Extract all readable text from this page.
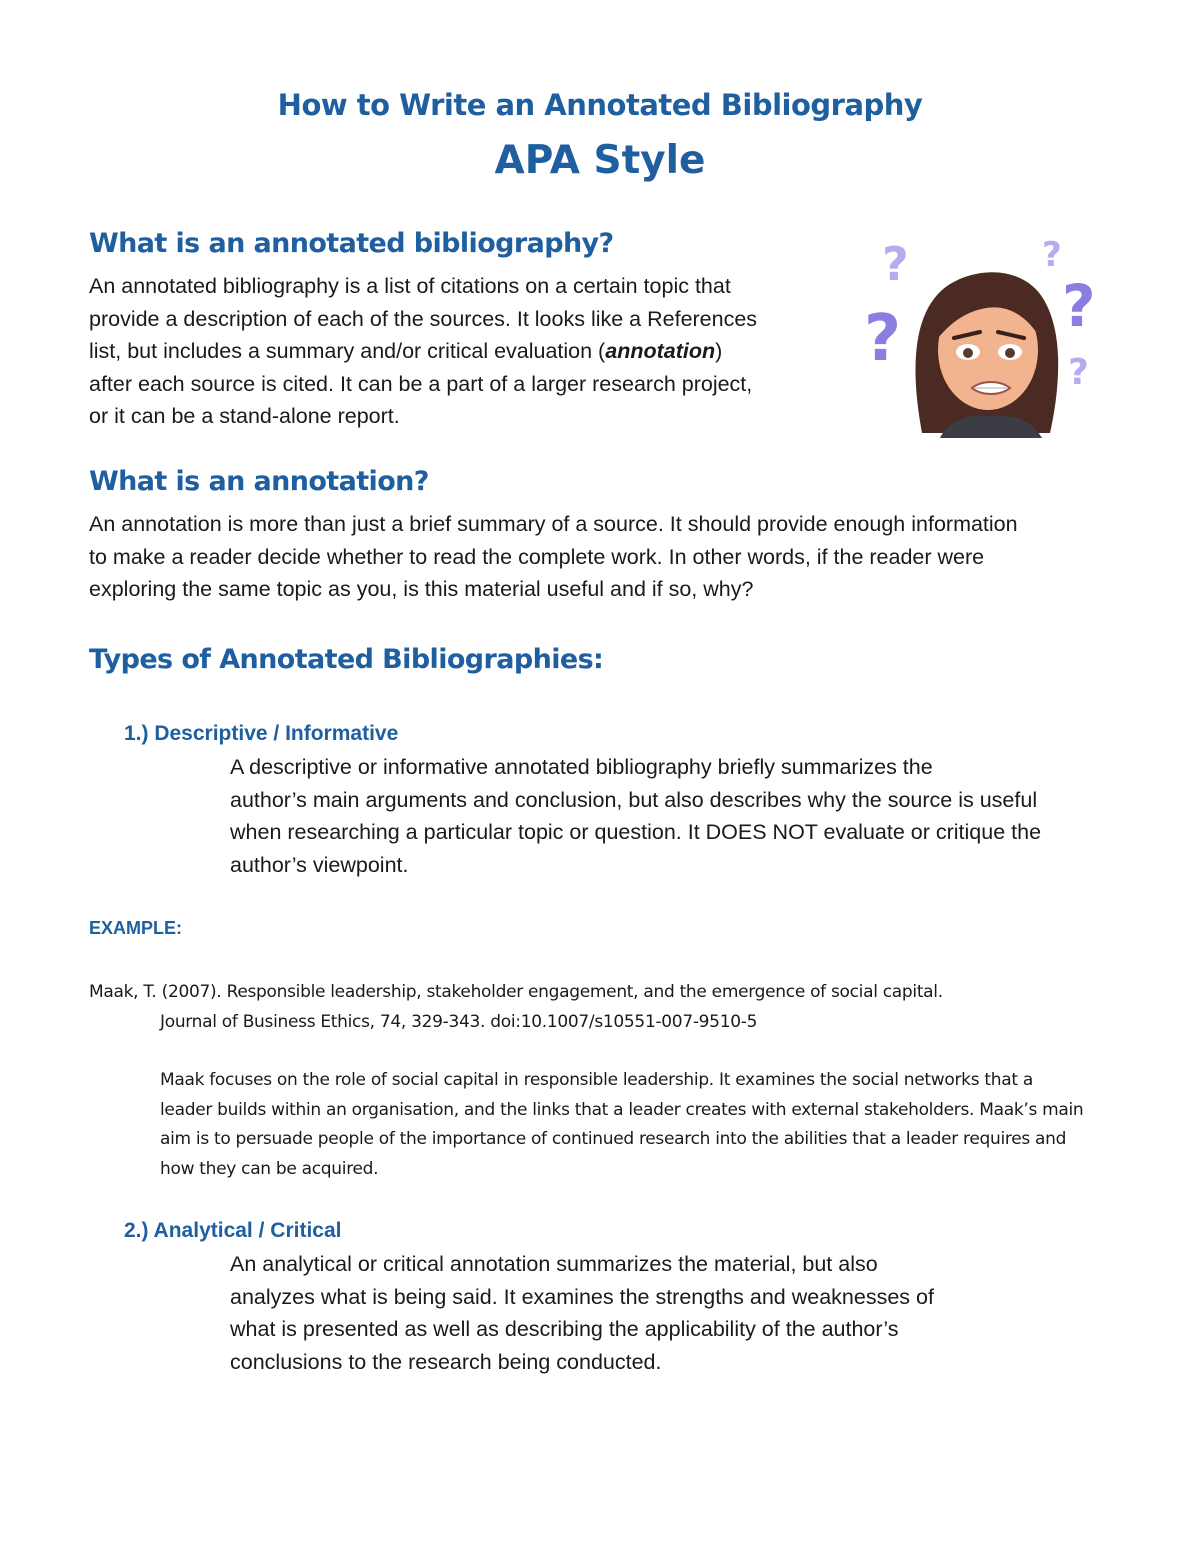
How to Write an Annotated Bibliography
APA Style
What is an annotated bibliography?
An annotated bibliography is a list of citations on a certain topic that
provide a description of each of the sources. It looks like a References
list, but includes a summary and/or critical evaluation (annotation)
after each source is cited. It can be a part of a larger research project,
or it can be a stand-alone report.
?
?
?
?
?
What is an annotation?
An annotation is more than just a brief summary of a source. It should provide enough information
to make a reader decide whether to read the complete work. In other words, if the reader were
exploring the same topic as you, is this material useful and if so, why?
Types of Annotated Bibliographies:
1.) Descriptive / Informative
A descriptive or informative annotated bibliography briefly summarizes the
author’s main arguments and conclusion, but also describes why the source is useful
when researching a particular topic or question. It DOES NOT evaluate or critique the
author’s viewpoint.
EXAMPLE:
Maak, T. (2007). Responsible leadership, stakeholder engagement, and the emergence of social capital.
Journal of Business Ethics, 74, 329-343. doi:10.1007/s10551-007-9510-5
Maak focuses on the role of social capital in responsible leadership. It examines the social networks that a
leader builds within an organisation, and the links that a leader creates with external stakeholders. Maak’s main
aim is to persuade people of the importance of continued research into the abilities that a leader requires and
how they can be acquired.
2.) Analytical / Critical
An analytical or critical annotation summarizes the material, but also
analyzes what is being said. It examines the strengths and weaknesses of
what is presented as well as describing the applicability of the author’s
conclusions to the research being conducted.
